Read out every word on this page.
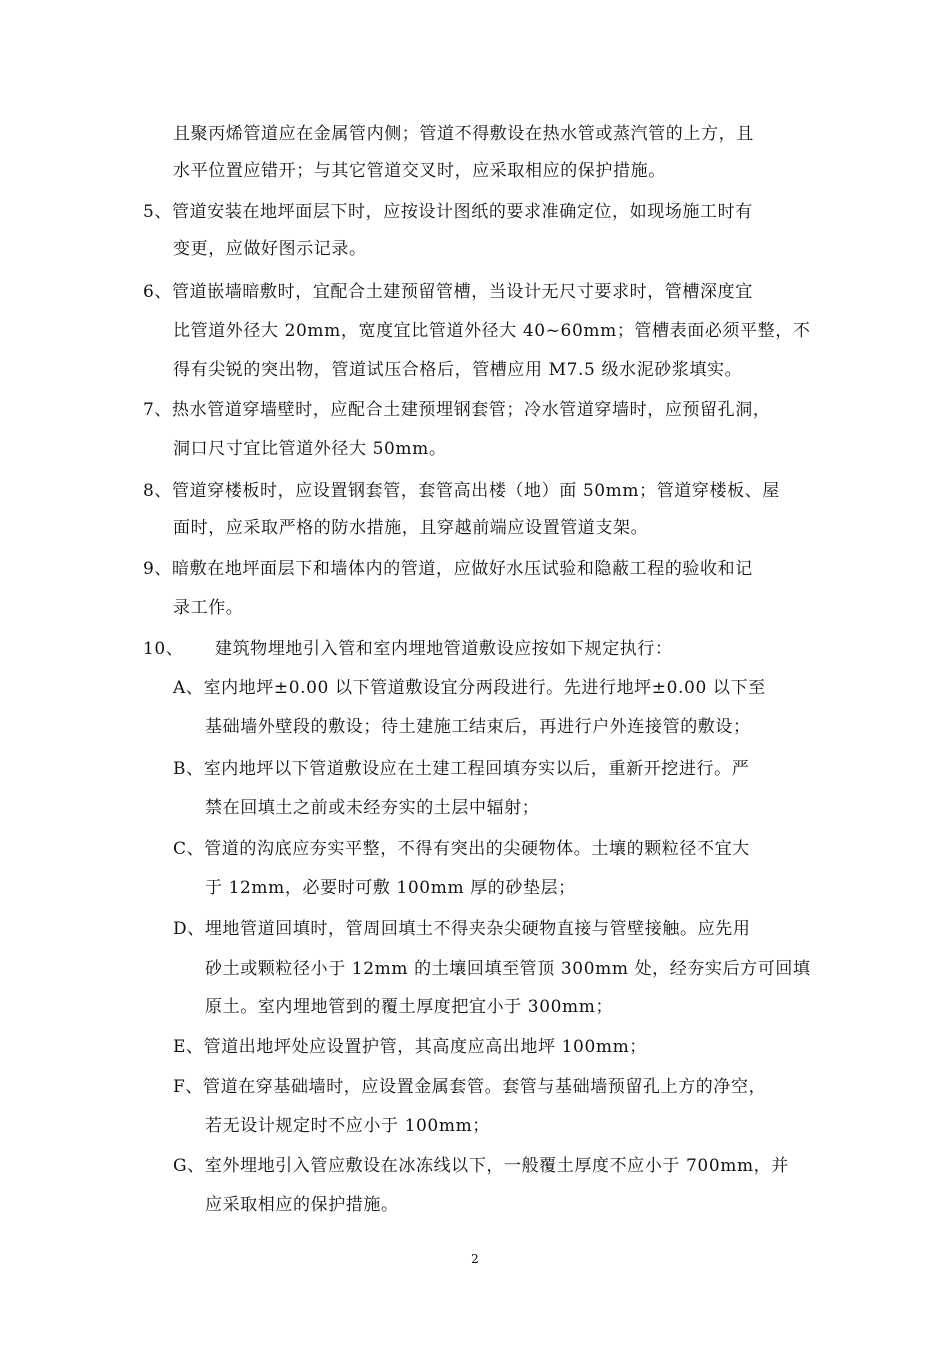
且聚丙烯管道应在金属管内侧；管道不得敷设在热水管或蒸汽管的上方，且
水平位置应错开；与其它管道交叉时，应采取相应的保护措施。
5、管道安装在地坪面层下时，应按设计图纸的要求准确定位，如现场施工时有
变更，应做好图示记录。
6、管道嵌墙暗敷时，宜配合土建预留管槽，当设计无尺寸要求时，管槽深度宜
比管道外径大 20mm，宽度宜比管道外径大 40~60mm；管槽表面必须平整，不
得有尖锐的突出物，管道试压合格后，管槽应用 M7.5 级水泥砂浆填实。
7、热水管道穿墙壁时，应配合土建预埋钢套管；冷水管道穿墙时，应预留孔洞，
洞口尺寸宜比管道外径大 50mm。
8、管道穿楼板时，应设置钢套管，套管高出楼（地）面 50mm；管道穿楼板、屋
面时，应采取严格的防水措施，且穿越前端应设置管道支架。
9、暗敷在地坪面层下和墙体内的管道，应做好水压试验和隐蔽工程的验收和记
录工作。
10、 建筑物埋地引入管和室内埋地管道敷设应按如下规定执行：
A、室内地坪±0.00 以下管道敷设宜分两段进行。先进行地坪±0.00 以下至
基础墙外壁段的敷设；待土建施工结束后，再进行户外连接管的敷设；
B、室内地坪以下管道敷设应在土建工程回填夯实以后，重新开挖进行。严
禁在回填土之前或未经夯实的土层中辐射；
C、管道的沟底应夯实平整，不得有突出的尖硬物体。土壤的颗粒径不宜大
于 12mm，必要时可敷 100mm 厚的砂垫层；
D、埋地管道回填时，管周回填土不得夹杂尖硬物直接与管壁接触。应先用
砂土或颗粒径小于 12mm 的土壤回填至管顶 300mm 处，经夯实后方可回填
原土。室内埋地管到的覆土厚度把宜小于 300mm；
E、管道出地坪处应设置护管，其高度应高出地坪 100mm；
F、管道在穿基础墙时，应设置金属套管。套管与基础墙预留孔上方的净空，
若无设计规定时不应小于 100mm；
G、室外埋地引入管应敷设在冰冻线以下，一般覆土厚度不应小于 700mm，并
应采取相应的保护措施。
2
